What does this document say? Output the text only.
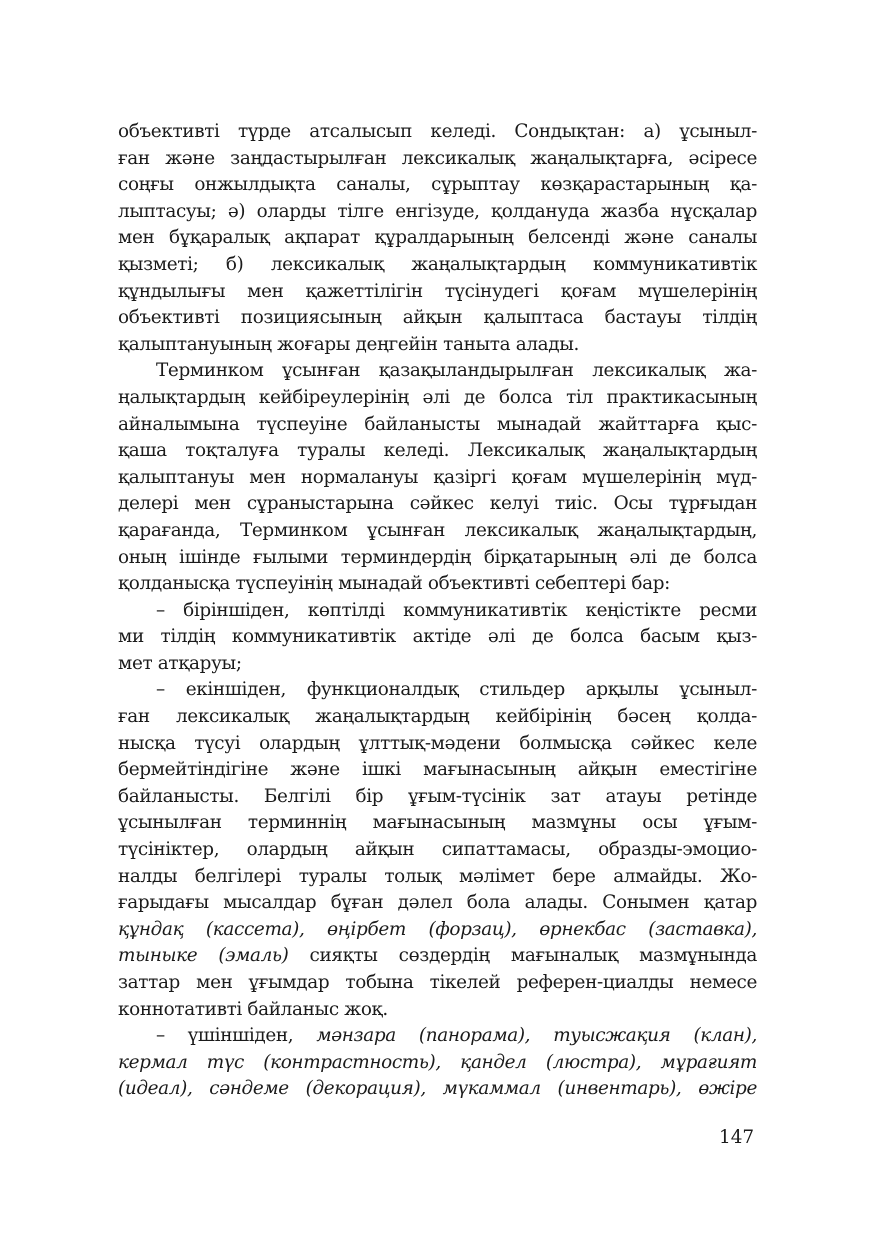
объективті түрде атсалысып келеді. Сондықтан: а) ұсыныл-
ған және заңдастырылған лексикалық жаңалықтарға, әсіресе
соңғы онжылдықта саналы, сұрыптау көзқарастарының қа-
лыптасуы; ә) оларды тілге енгізуде, қолдануда жазба нұсқалар
мен бұқаралық ақпарат құралдарының белсенді және саналы
қызметі; б) лексикалық жаңалықтардың коммуникативтік
құндылығы мен қажеттілігін түсінудегі қоғам мүшелерінің
объективті позициясының айқын қалыптаса бастауы тілдің
қалыптануының жоғары деңгейін таныта алады.
Терминком ұсынған қазақыландырылған лексикалық жа-
ңалықтардың кейбіреулерінің әлі де болса тіл практикасының
айналымына түспеуіне байланысты мынадай жайттарға қыс-
қаша тоқталуға туралы келеді. Лексикалық жаңалықтардың
қалыптануы мен нормалануы қазіргі қоғам мүшелерінің мүд-
делері мен сұраныстарына сәйкес келуі тиіс. Осы тұрғыдан
қарағанда, Терминком ұсынған лексикалық жаңалықтардың,
оның ішінде ғылыми терминдердің бірқатарының әлі де болса
қолданысқа түспеуінің мынадай объективті себептері бар:
– біріншіден, көптілді коммуникативтік кеңістікте ресми
ми тілдің коммуникативтік актіде әлі де болса басым қыз-
мет атқаруы;
– екіншіден, функционалдық стильдер арқылы ұсыныл-
ған лексикалық жаңалықтардың кейбірінің бәсең қолда-
нысқа түсуі олардың ұлттық-мәдени болмысқа сәйкес келе
бермейтіндігіне және ішкі мағынасының айқын еместігіне
байланысты. Белгілі бір ұғым-түсінік зат атауы ретінде
ұсынылған терминнің мағынасының мазмұны осы ұғым-
түсініктер, олардың айқын сипаттамасы, образды-эмоцио-
налды белгілері туралы толық мәлімет бере алмайды. Жо-
ғарыдағы мысалдар бұған дәлел бола алады. Сонымен қатар
құндақ (кассета), өңірбет (форзац), өрнекбас (заставка),
тыныке (эмаль) сияқты сөздердің мағыналық мазмұнында
заттар мен ұғымдар тобына тікелей референ-циалды немесе
коннотативті байланыс жоқ.
– үшіншіден, мәнзара (панорама), туысжақия (клан),
кермал түс (контрастность), қандел (люстра), мұрағият
(идеал), сәндеме (декорация), мүкаммал (инвентарь), өжіре
147
